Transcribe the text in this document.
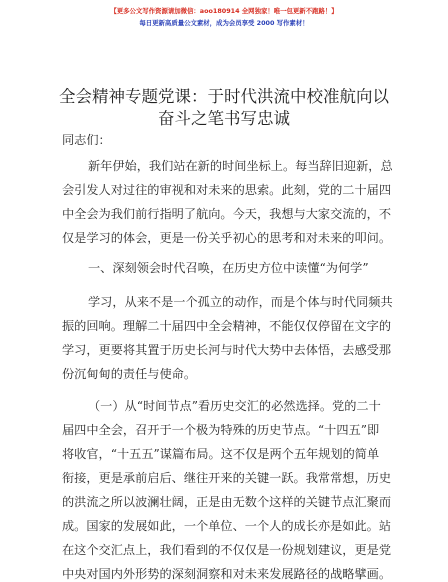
【更多公文写作资源请加微信：aoo180914 全网独家！唯一包更新不跑路！】
每日更新高质量公文素材，成为会员享受 2000 写作素材！
全会精神专题党课：于时代洪流中校准航向以
奋斗之笔书写忠诚
同志们：
新年伊始，我们站在新的时间坐标上。每当辞旧迎新，总
会引发人对过往的审视和对未来的思索。此刻，党的二十届四
中全会为我们前行指明了航向。今天，我想与大家交流的，不
仅是学习的体会，更是一份关乎初心的思考和对未来的叩问。
一、深刻领会时代召唤，在历史方位中读懂“为何学”
学习，从来不是一个孤立的动作，而是个体与时代同频共
振的回响。理解二十届四中全会精神，不能仅仅停留在文字的
学习，更要将其置于历史长河与时代大势中去体悟，去感受那
份沉甸甸的责任与使命。
（一）从“时间节点”看历史交汇的必然选择。党的二十
届四中全会，召开于一个极为特殊的历史节点。“十四五”即
将收官，“十五五”谋篇布局。这不仅是两个五年规划的简单
衔接，更是承前启后、继往开来的关键一跃。我常常想，历史
的洪流之所以波澜壮阔，正是由无数个这样的关键节点汇聚而
成。国家的发展如此，一个单位、一个人的成长亦是如此。站
在这个交汇点上，我们看到的不仅仅是一份规划建议，更是党
中央对国内外形势的深刻洞察和对未来发展路径的战略擘画。
